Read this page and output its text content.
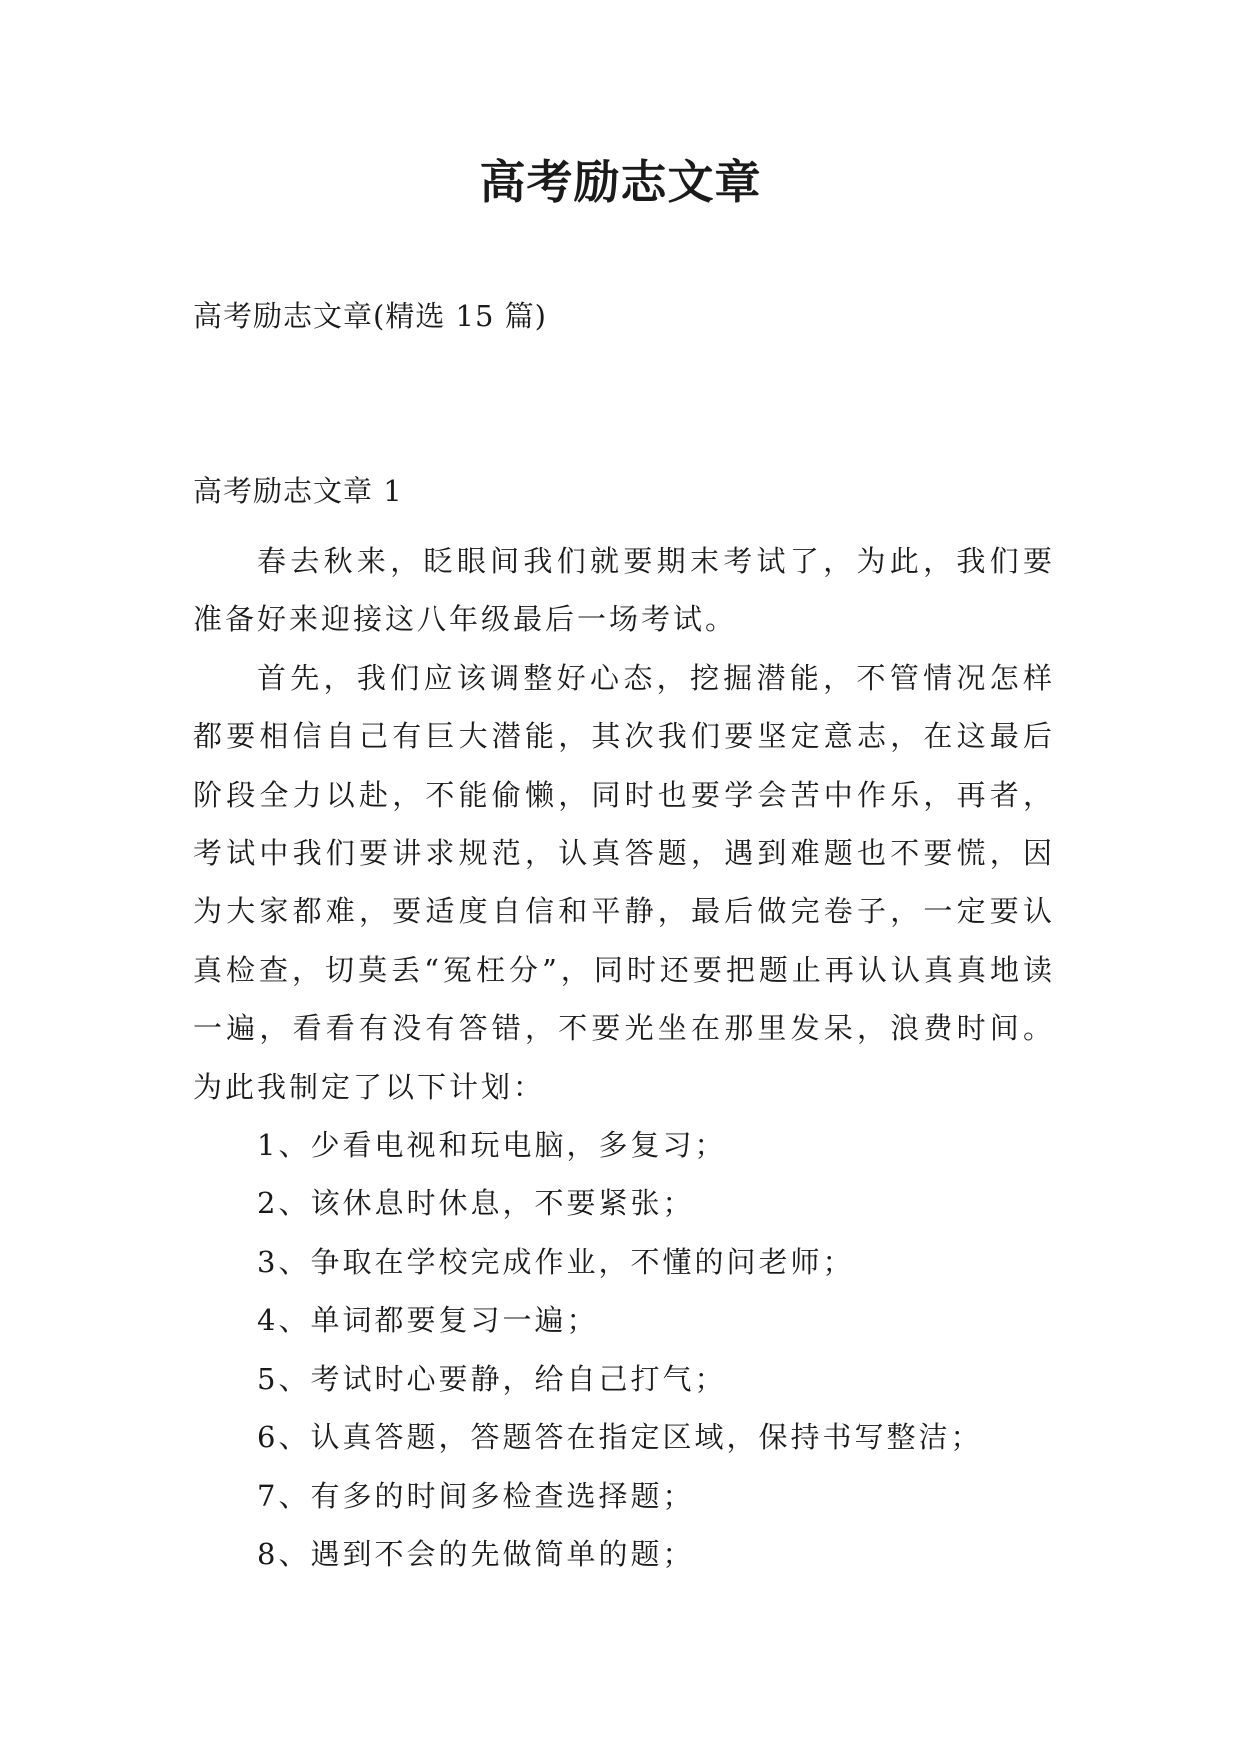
高考励志文章
高考励志文章(精选 15 篇)
高考励志文章 1

春去秋来，眨眼间我们就要期末考试了，为此，我们要准备好来迎接这八年级最后一场考试。

首先，我们应该调整好心态，挖掘潜能，不管情况怎样都要相信自己有巨大潜能，其次我们要坚定意志，在这最后阶段全力以赴，不能偷懒，同时也要学会苦中作乐，再者，考试中我们要讲求规范，认真答题，遇到难题也不要慌，因为大家都难，要适度自信和平静，最后做完卷子，一定要认真检查，切莫丢“冤枉分”，同时还要把题止再认认真真地读一遍，看看有没有答错，不要光坐在那里发呆，浪费时间。为此我制定了以下计划：

1、少看电视和玩电脑，多复习；
2、该休息时休息，不要紧张；
3、争取在学校完成作业，不懂的问老师；
4、单词都要复习一遍；
5、考试时心要静，给自己打气；
6、认真答题，答题答在指定区域，保持书写整洁；
7、有多的时间多检查选择题；
8、遇到不会的先做简单的题；
